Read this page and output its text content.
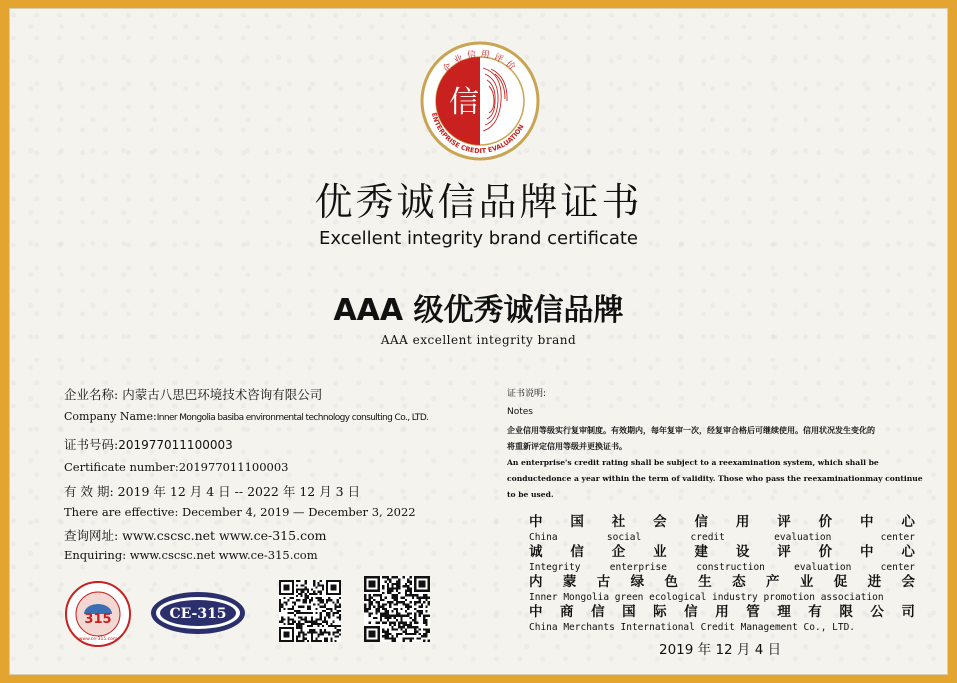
信
企业信用评价
ENTERPRISE CREDIT EVALUATION
优秀诚信品牌证书
Excellent integrity brand certificate
AAA 级优秀诚信品牌
AAA excellent integrity brand
企业名称: 内蒙古八思巴环境技术咨询有限公司
Company Name:Inner Mongolia basiba environmental technology consulting Co., LTD.
证书号码:201977011100003
Certificate number:201977011100003
有 效 期: 2019 年 12 月 4 日 -- 2022 年 12 月 3 日
There are effective: December 4, 2019 — December 3, 2022
查询网址: www.cscsc.net www.ce-315.com
Enquiring: www.cscsc.net www.ce-315.com
证书说明:
Notes
企业信用等级实行复审制度。有效期内，每年复审一次，经复审合格后可继续使用。信用状况发生变化的
将重新评定信用等级并更换证书。
An enterprise's credit rating shall be subject to a reexamination system, which shall be
conductedonce a year within the term of validity. Those who pass the reexaminationmay continue
to be used.
中 国 社 会 信 用 评 价 中 心
China	social	credit	evaluation	center
诚 信 企 业 建 设 评 价 中 心
Integrity	enterprise	construction	evaluation	center
内 蒙 古 绿 色 生 态 产 业 促 进 会
Inner Mongolia green ecological industry promotion association
中 商 信 国 际 信 用 管 理 有 限 公 司
China Merchants International Credit Management Co., LTD.
2019 年 12 月 4 日
315
www.ce-315.com
CE-315
